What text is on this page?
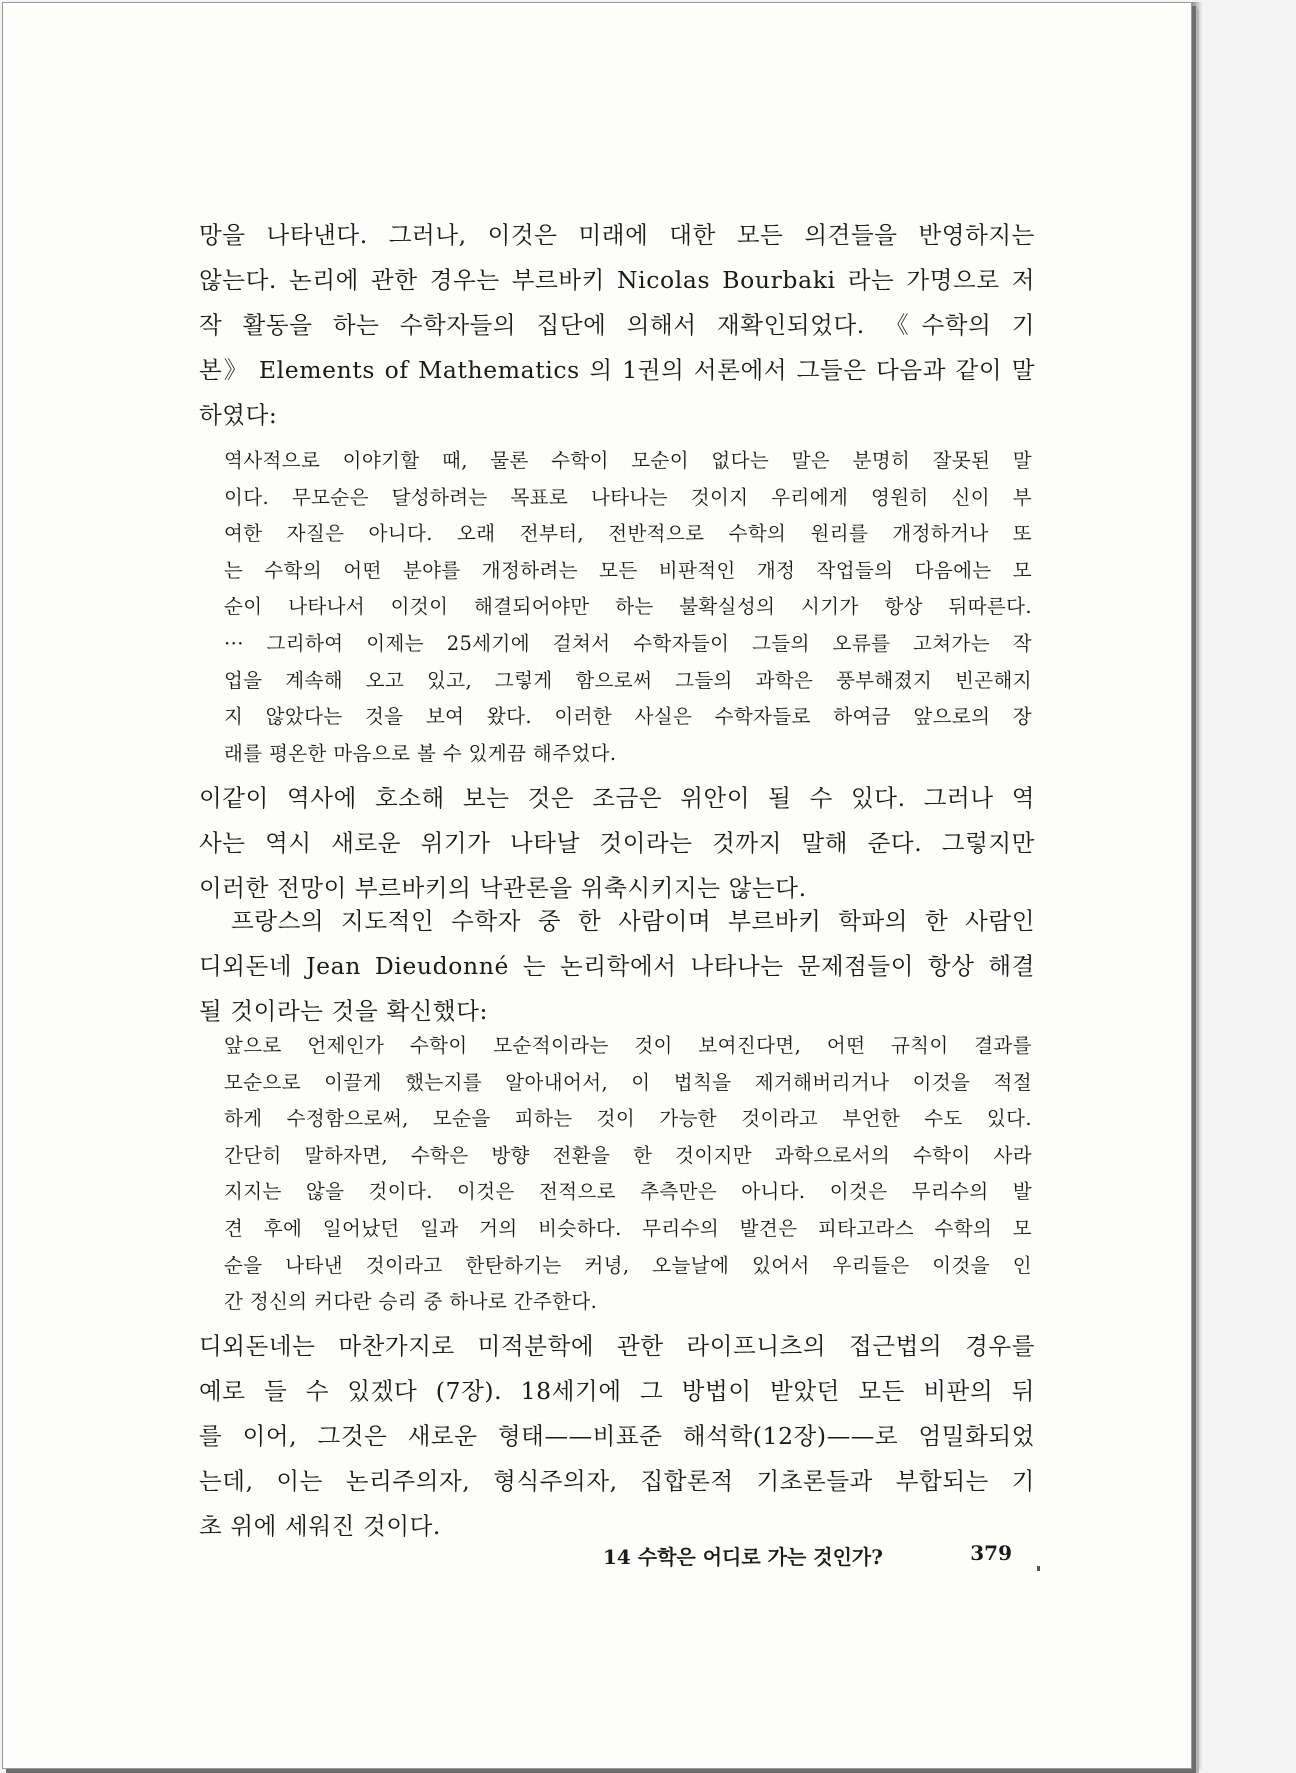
망을 나타낸다. 그러나, 이것은 미래에 대한 모든 의견들을 반영하지는
않는다. 논리에 관한 경우는 부르바키 Nicolas Bourbaki 라는 가명으로 저
작 활동을 하는 수학자들의 집단에 의해서 재확인되었다. 《수학의 기
본》 Elements of Mathematics 의 1권의 서론에서 그들은 다음과 같이 말
하였다:
역사적으로 이야기할 때, 물론 수학이 모순이 없다는 말은 분명히 잘못된 말
이다. 무모순은 달성하려는 목표로 나타나는 것이지 우리에게 영원히 신이 부
여한 자질은 아니다. 오래 전부터, 전반적으로 수학의 원리를 개정하거나 또
는 수학의 어떤 분야를 개정하려는 모든 비판적인 개정 작업들의 다음에는 모
순이 나타나서 이것이 해결되어야만 하는 불확실성의 시기가 항상 뒤따른다.
··· 그리하여 이제는 25세기에 걸쳐서 수학자들이 그들의 오류를 고쳐가는 작
업을 계속해 오고 있고, 그렇게 함으로써 그들의 과학은 풍부해졌지 빈곤해지
지 않았다는 것을 보여 왔다. 이러한 사실은 수학자들로 하여금 앞으로의 장
래를 평온한 마음으로 볼 수 있게끔 해주었다.
이같이 역사에 호소해 보는 것은 조금은 위안이 될 수 있다. 그러나 역
사는 역시 새로운 위기가 나타날 것이라는 것까지 말해 준다. 그렇지만
이러한 전망이 부르바키의 낙관론을 위축시키지는 않는다.
프랑스의 지도적인 수학자 중 한 사람이며 부르바키 학파의 한 사람인
디외돈네 Jean Dieudonné 는 논리학에서 나타나는 문제점들이 항상 해결
될 것이라는 것을 확신했다:
앞으로 언제인가 수학이 모순적이라는 것이 보여진다면, 어떤 규칙이 결과를
모순으로 이끌게 했는지를 알아내어서, 이 법칙을 제거해버리거나 이것을 적절
하게 수정함으로써, 모순을 피하는 것이 가능한 것이라고 부언한 수도 있다.
간단히 말하자면, 수학은 방향 전환을 한 것이지만 과학으로서의 수학이 사라
지지는 않을 것이다. 이것은 전적으로 추측만은 아니다. 이것은 무리수의 발
견 후에 일어났던 일과 거의 비슷하다. 무리수의 발견은 피타고라스 수학의 모
순을 나타낸 것이라고 한탄하기는 커녕, 오늘날에 있어서 우리들은 이것을 인
간 정신의 커다란 승리 중 하나로 간주한다.
디외돈네는 마찬가지로 미적분학에 관한 라이프니츠의 접근법의 경우를
예로 들 수 있겠다 (7장). 18세기에 그 방법이 받았던 모든 비판의 뒤
를 이어, 그것은 새로운 형태——비표준 해석학(12장)——로 엄밀화되었
는데, 이는 논리주의자, 형식주의자, 집합론적 기초론들과 부합되는 기
초 위에 세워진 것이다.
14 수학은 어디로 가는 것인가?	379
